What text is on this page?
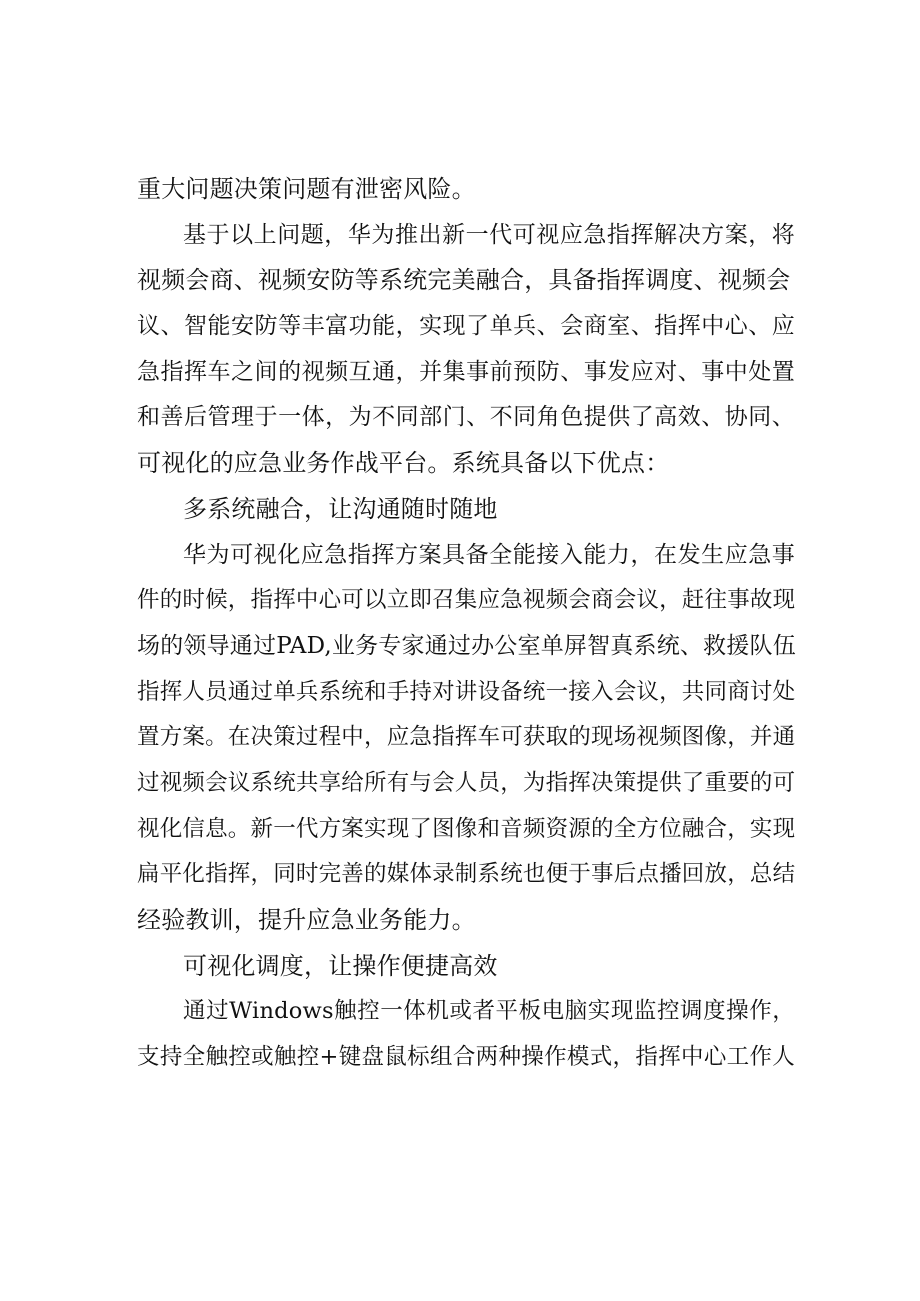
重大问题决策问题有泄密风险。
基于以上问题，华为推出新一代可视应急指挥解决方案，将
视频会商、视频安防等系统完美融合，具备指挥调度、视频会
议、智能安防等丰富功能，实现了单兵、会商室、指挥中心、应
急指挥车之间的视频互通，并集事前预防、事发应对、事中处置
和善后管理于一体，为不同部门、不同角色提供了高效、协同、
可视化的应急业务作战平台。系统具备以下优点：
多系统融合，让沟通随时随地
华为可视化应急指挥方案具备全能接入能力，在发生应急事
件的时候，指挥中心可以立即召集应急视频会商会议，赶往事故现
场的领导通过PAD,业务专家通过办公室单屏智真系统、救援队伍
指挥人员通过单兵系统和手持对讲设备统一接入会议，共同商讨处
置方案。在决策过程中，应急指挥车可获取的现场视频图像，并通
过视频会议系统共享给所有与会人员，为指挥决策提供了重要的可
视化信息。新一代方案实现了图像和音频资源的全方位融合，实现
扁平化指挥，同时完善的媒体录制系统也便于事后点播回放，总结
经验教训，提升应急业务能力。
可视化调度，让操作便捷高效
通过Windows触控一体机或者平板电脑实现监控调度操作，
支持全触控或触控+键盘鼠标组合两种操作模式，指挥中心工作人
